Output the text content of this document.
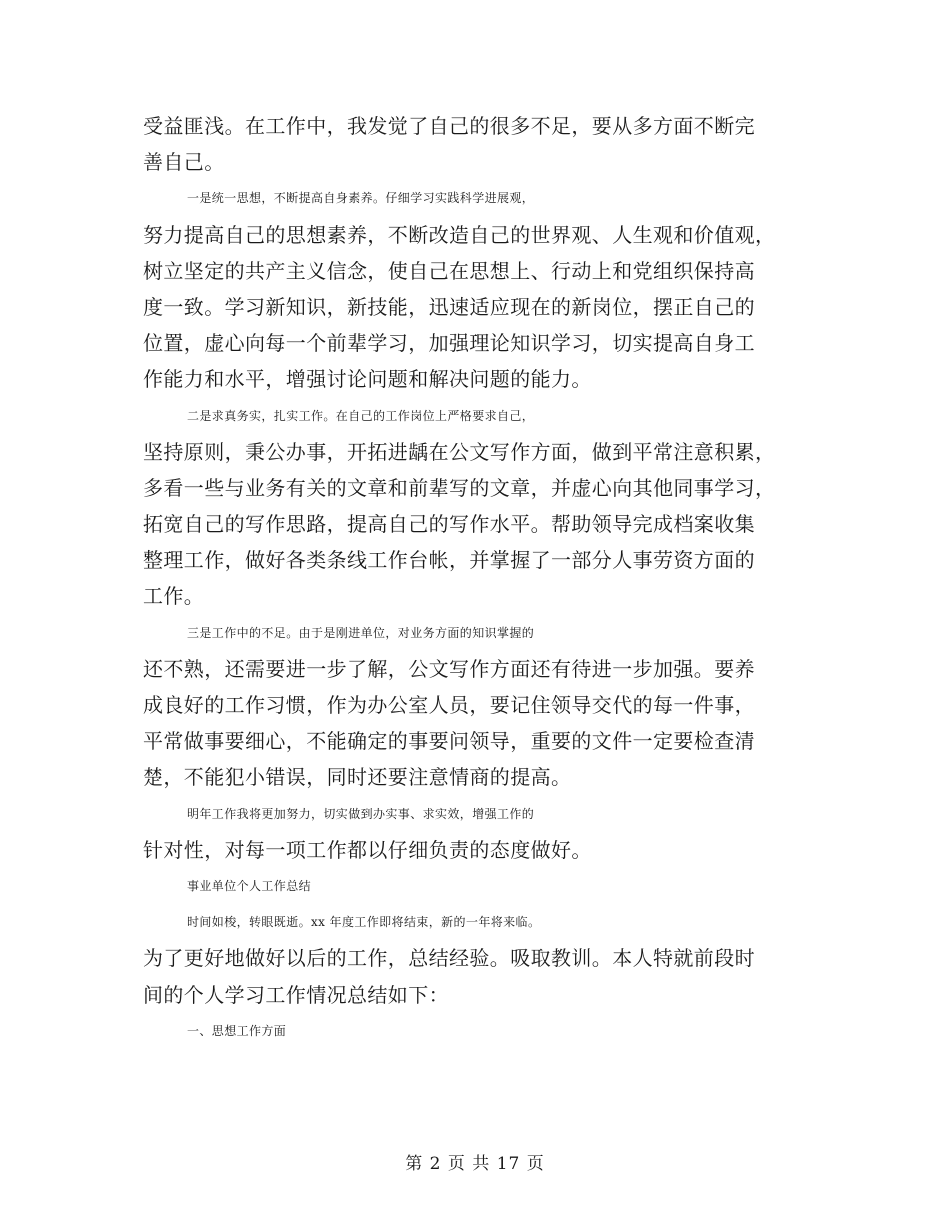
受益匪浅。在工作中，我发觉了自己的很多不足，要从多方面不断完
善自己。
一是统一思想，不断提高自身素养。仔细学习实践科学进展观，
努力提高自己的思想素养，不断改造自己的世界观、人生观和价值观，
树立坚定的共产主义信念，使自己在思想上、行动上和党组织保持高
度一致。学习新知识，新技能，迅速适应现在的新岗位，摆正自己的
位置，虚心向每一个前辈学习，加强理论知识学习，切实提高自身工
作能力和水平，增强讨论问题和解决问题的能力。
二是求真务实，扎实工作。在自己的工作岗位上严格要求自己，
坚持原则，秉公办事，开拓进龋在公文写作方面，做到平常注意积累，
多看一些与业务有关的文章和前辈写的文章，并虚心向其他同事学习，
拓宽自己的写作思路，提高自己的写作水平。帮助领导完成档案收集
整理工作，做好各类条线工作台帐，并掌握了一部分人事劳资方面的
工作。
三是工作中的不足。由于是刚进单位，对业务方面的知识掌握的
还不熟，还需要进一步了解，公文写作方面还有待进一步加强。要养
成良好的工作习惯，作为办公室人员，要记住领导交代的每一件事，
平常做事要细心，不能确定的事要问领导，重要的文件一定要检查清
楚，不能犯小错误，同时还要注意情商的提高。
明年工作我将更加努力，切实做到办实事、求实效，增强工作的
针对性，对每一项工作都以仔细负责的态度做好。
事业单位个人工作总结
时间如梭，转眼既逝。xx 年度工作即将结束，新的一年将来临。
为了更好地做好以后的工作，总结经验。吸取教训。本人特就前段时
间的个人学习工作情况总结如下：
一、思想工作方面
第 2 页 共 17 页
